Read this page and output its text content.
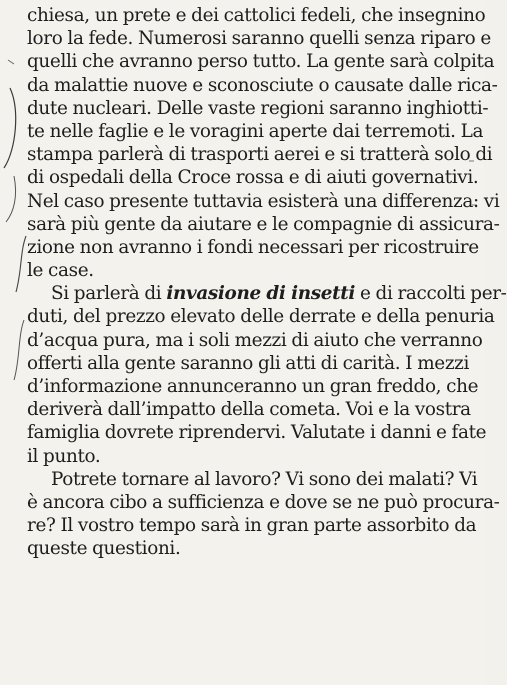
chiesa, un prete e dei cattolici fedeli, che insegnino
loro la fede. Numerosi saranno quelli senza riparo e
quelli che avranno perso tutto. La gente sarà colpita
da malattie nuove e sconosciute o causate dalle rica-
dute nucleari. Delle vaste regioni saranno inghiotti-
te nelle faglie e le voragini aperte dai terremoti. La
stampa parlerà di trasporti aerei e si tratterà solo di
di ospedali della Croce rossa e di aiuti governativi.
Nel caso presente tuttavia esisterà una differenza: vi
sarà più gente da aiutare e le compagnie di assicura-
zione non avranno i fondi necessari per ricostruire
le case.
Si parlerà di invasione di insetti e di raccolti per-
duti, del prezzo elevato delle derrate e della penuria
d’acqua pura, ma i soli mezzi di aiuto che verranno
offerti alla gente saranno gli atti di carità. I mezzi
d’informazione annunceranno un gran freddo, che
deriverà dall’impatto della cometa. Voi e la vostra
famiglia dovrete riprendervi. Valutate i danni e fate
il punto.
Potrete tornare al lavoro? Vi sono dei malati? Vi
è ancora cibo a sufficienza e dove se ne può procura-
re? Il vostro tempo sarà in gran parte assorbito da
queste questioni.
